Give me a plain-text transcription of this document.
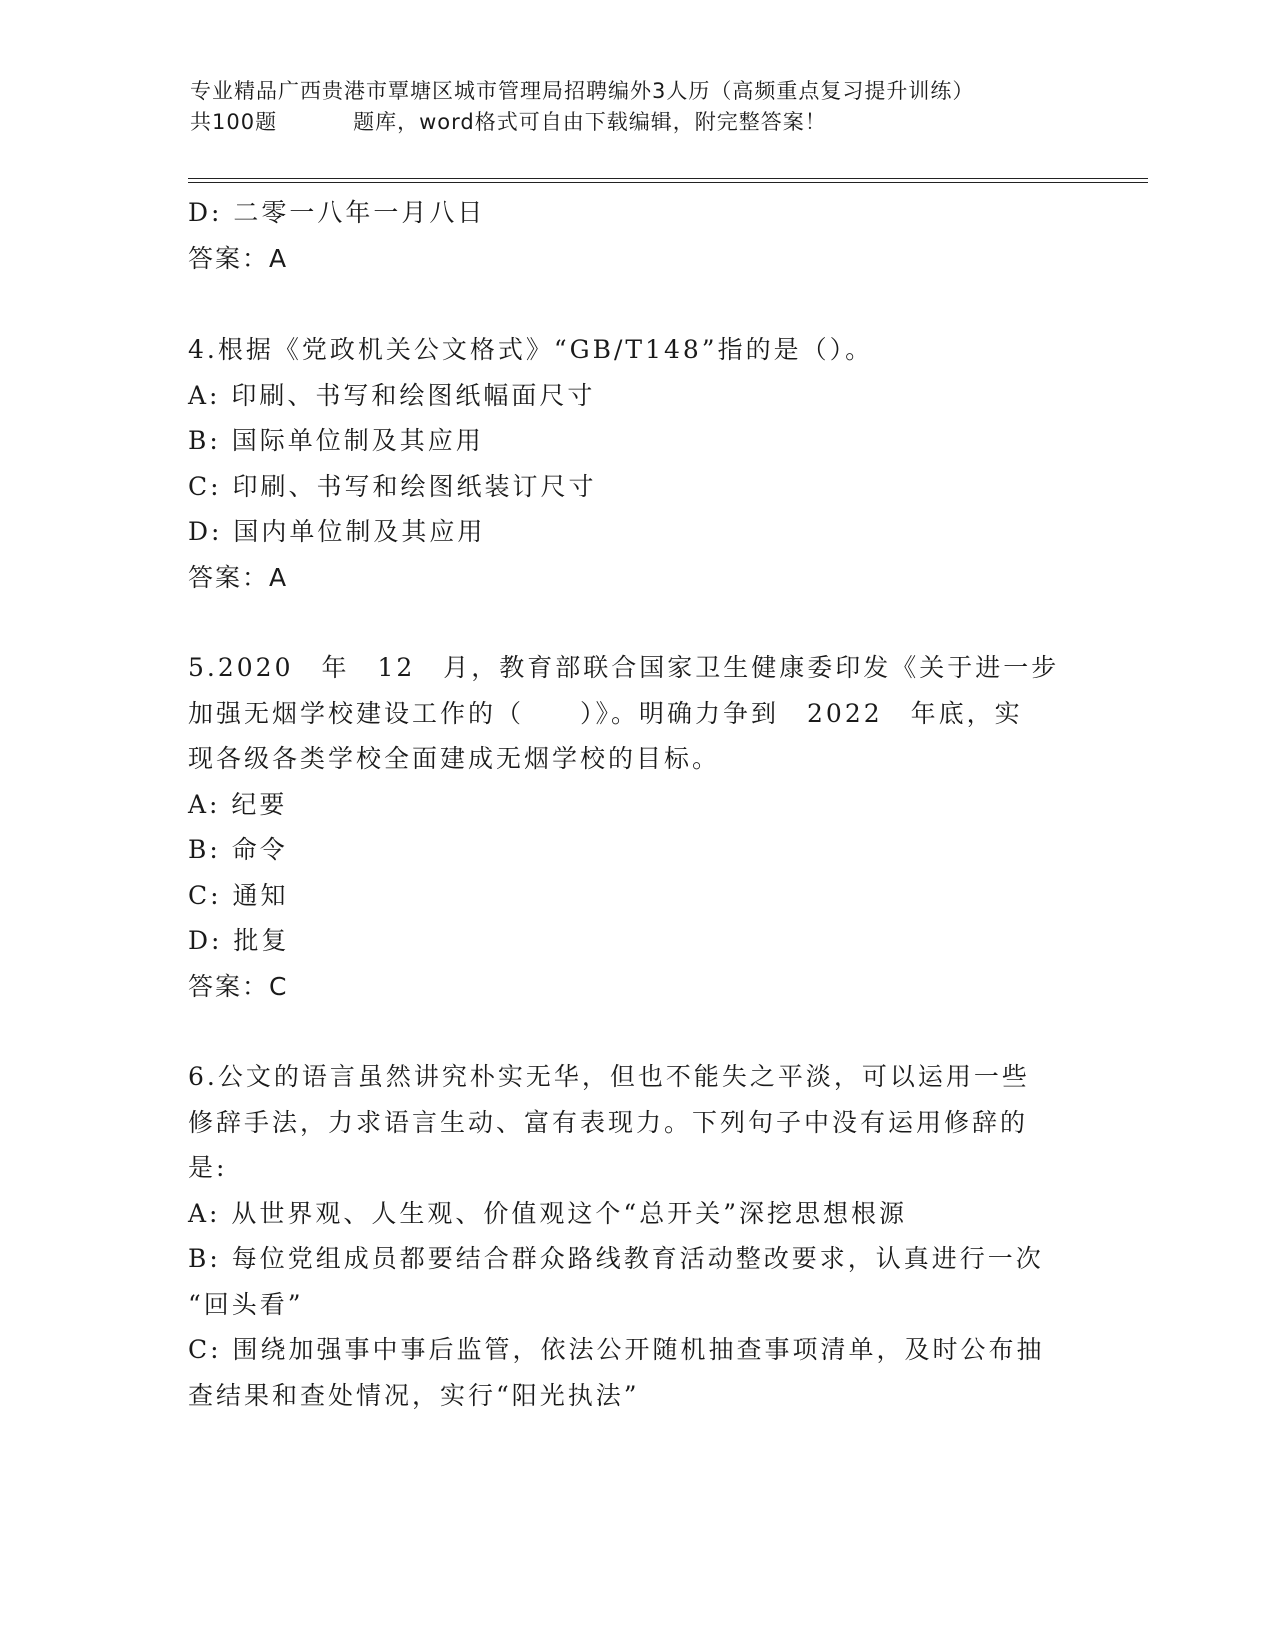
专业精品广西贵港市覃塘区城市管理局招聘编外3人历（高频重点复习提升训练）
共100题	题库，word格式可自由下载编辑，附完整答案！
D: 二零一八年一月八日
答案：A
4.根据《党政机关公文格式》“GB/T148”指的是（）。
A: 印刷、书写和绘图纸幅面尺寸
B: 国际单位制及其应用
C: 印刷、书写和绘图纸装订尺寸
D: 国内单位制及其应用
答案：A
5.2020　年　12　月，教育部联合国家卫生健康委印发《关于进一步
加强无烟学校建设工作的（　　）》。明确力争到　2022　年底，实
现各级各类学校全面建成无烟学校的目标。
A: 纪要
B: 命令
C: 通知
D: 批复
答案：C
6.公文的语言虽然讲究朴实无华，但也不能失之平淡，可以运用一些
修辞手法，力求语言生动、富有表现力。下列句子中没有运用修辞的
是:
A: 从世界观、人生观、价值观这个“总开关”深挖思想根源
B: 每位党组成员都要结合群众路线教育活动整改要求，认真进行一次
“回头看”
C: 围绕加强事中事后监管，依法公开随机抽查事项清单，及时公布抽
查结果和查处情况，实行“阳光执法”
